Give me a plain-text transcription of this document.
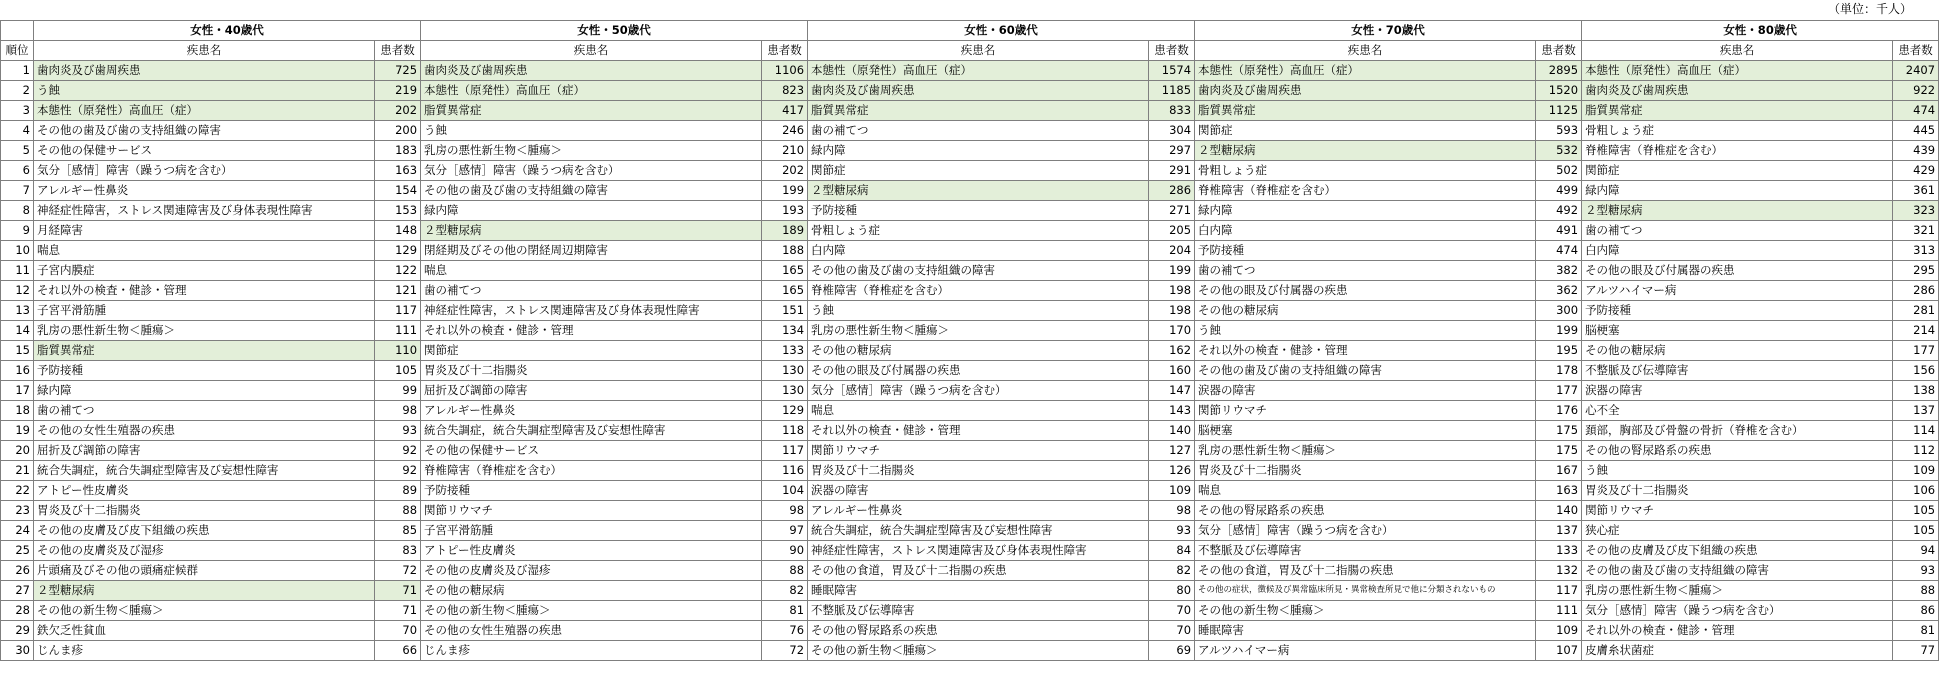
（単位：千人）
	女性・40歳代		女性・50歳代		女性・60歳代		女性・70歳代		女性・80歳代	
順位	疾患名	患者数	疾患名	患者数	疾患名	患者数	疾患名	患者数	疾患名	患者数
1	歯肉炎及び歯周疾患	725	歯肉炎及び歯周疾患	1106	本態性（原発性）高血圧（症）	1574	本態性（原発性）高血圧（症）	2895	本態性（原発性）高血圧（症）	2407
2	う蝕	219	本態性（原発性）高血圧（症）	823	歯肉炎及び歯周疾患	1185	歯肉炎及び歯周疾患	1520	歯肉炎及び歯周疾患	922
3	本態性（原発性）高血圧（症）	202	脂質異常症	417	脂質異常症	833	脂質異常症	1125	脂質異常症	474
4	その他の歯及び歯の支持組織の障害	200	う蝕	246	歯の補てつ	304	関節症	593	骨粗しょう症	445
5	その他の保健サービス	183	乳房の悪性新生物＜腫瘍＞	210	緑内障	297	２型糖尿病	532	脊椎障害（脊椎症を含む）	439
6	気分［感情］障害（躁うつ病を含む）	163	気分［感情］障害（躁うつ病を含む）	202	関節症	291	骨粗しょう症	502	関節症	429
7	アレルギー性鼻炎	154	その他の歯及び歯の支持組織の障害	199	２型糖尿病	286	脊椎障害（脊椎症を含む）	499	緑内障	361
8	神経症性障害，ストレス関連障害及び身体表現性障害	153	緑内障	193	予防接種	271	緑内障	492	２型糖尿病	323
9	月経障害	148	２型糖尿病	189	骨粗しょう症	205	白内障	491	歯の補てつ	321
10	喘息	129	閉経期及びその他の閉経周辺期障害	188	白内障	204	予防接種	474	白内障	313
11	子宮内膜症	122	喘息	165	その他の歯及び歯の支持組織の障害	199	歯の補てつ	382	その他の眼及び付属器の疾患	295
12	それ以外の検査・健診・管理	121	歯の補てつ	165	脊椎障害（脊椎症を含む）	198	その他の眼及び付属器の疾患	362	アルツハイマー病	286
13	子宮平滑筋腫	117	神経症性障害，ストレス関連障害及び身体表現性障害	151	う蝕	198	その他の糖尿病	300	予防接種	281
14	乳房の悪性新生物＜腫瘍＞	111	それ以外の検査・健診・管理	134	乳房の悪性新生物＜腫瘍＞	170	う蝕	199	脳梗塞	214
15	脂質異常症	110	関節症	133	その他の糖尿病	162	それ以外の検査・健診・管理	195	その他の糖尿病	177
16	予防接種	105	胃炎及び十二指腸炎	130	その他の眼及び付属器の疾患	160	その他の歯及び歯の支持組織の障害	178	不整脈及び伝導障害	156
17	緑内障	99	屈折及び調節の障害	130	気分［感情］障害（躁うつ病を含む）	147	涙器の障害	177	涙器の障害	138
18	歯の補てつ	98	アレルギー性鼻炎	129	喘息	143	関節リウマチ	176	心不全	137
19	その他の女性生殖器の疾患	93	統合失調症，統合失調症型障害及び妄想性障害	118	それ以外の検査・健診・管理	140	脳梗塞	175	頚部，胸部及び骨盤の骨折（脊椎を含む）	114
20	屈折及び調節の障害	92	その他の保健サービス	117	関節リウマチ	127	乳房の悪性新生物＜腫瘍＞	175	その他の腎尿路系の疾患	112
21	統合失調症，統合失調症型障害及び妄想性障害	92	脊椎障害（脊椎症を含む）	116	胃炎及び十二指腸炎	126	胃炎及び十二指腸炎	167	う蝕	109
22	アトピー性皮膚炎	89	予防接種	104	涙器の障害	109	喘息	163	胃炎及び十二指腸炎	106
23	胃炎及び十二指腸炎	88	関節リウマチ	98	アレルギー性鼻炎	98	その他の腎尿路系の疾患	140	関節リウマチ	105
24	その他の皮膚及び皮下組織の疾患	85	子宮平滑筋腫	97	統合失調症，統合失調症型障害及び妄想性障害	93	気分［感情］障害（躁うつ病を含む）	137	狭心症	105
25	その他の皮膚炎及び湿疹	83	アトピー性皮膚炎	90	神経症性障害，ストレス関連障害及び身体表現性障害	84	不整脈及び伝導障害	133	その他の皮膚及び皮下組織の疾患	94
26	片頭痛及びその他の頭痛症候群	72	その他の皮膚炎及び湿疹	88	その他の食道，胃及び十二指腸の疾患	82	その他の食道，胃及び十二指腸の疾患	132	その他の歯及び歯の支持組織の障害	93
27	２型糖尿病	71	その他の糖尿病	82	睡眠障害	80	その他の症状，徴候及び異常臨床所見・異常検査所見で他に分類されないもの	117	乳房の悪性新生物＜腫瘍＞	88
28	その他の新生物＜腫瘍＞	71	その他の新生物＜腫瘍＞	81	不整脈及び伝導障害	70	その他の新生物＜腫瘍＞	111	気分［感情］障害（躁うつ病を含む）	86
29	鉄欠乏性貧血	70	その他の女性生殖器の疾患	76	その他の腎尿路系の疾患	70	睡眠障害	109	それ以外の検査・健診・管理	81
30	じんま疹	66	じんま疹	72	その他の新生物＜腫瘍＞	69	アルツハイマー病	107	皮膚糸状菌症	77
